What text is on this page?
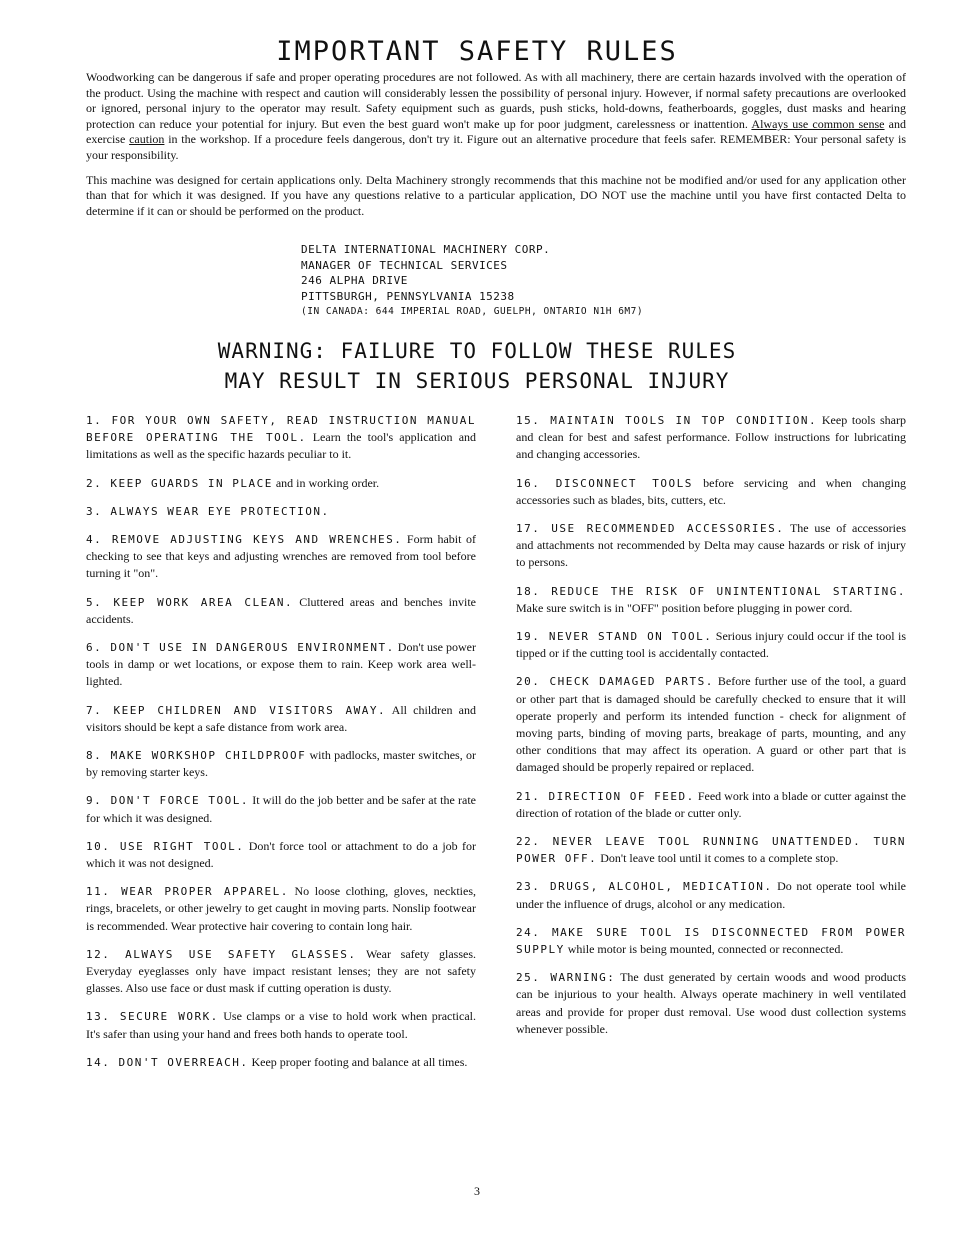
IMPORTANT SAFETY RULES

Woodworking can be dangerous if safe and proper operating procedures are not followed. As with all machinery, there are certain hazards involved with the operation of the product. Using the machine with respect and caution will considerably lessen the possibility of personal injury. However, if normal safety precautions are overlooked or ignored, personal injury to the operator may result. Safety equipment such as guards, push sticks, hold-downs, featherboards, goggles, dust masks and hearing protection can reduce your potential for injury. But even the best guard won't make up for poor judgment, carelessness or inattention. Always use common sense and exercise caution in the workshop. If a procedure feels dangerous, don't try it. Figure out an alternative procedure that feels safer. REMEMBER: Your personal safety is your responsibility.

This machine was designed for certain applications only. Delta Machinery strongly recommends that this machine not be modified and/or used for any application other than that for which it was designed. If you have any questions relative to a particular application, DO NOT use the machine until you have first contacted Delta to determine if it can or should be performed on the product.

DELTA INTERNATIONAL MACHINERY CORP.
MANAGER OF TECHNICAL SERVICES
246 ALPHA DRIVE
PITTSBURGH, PENNSYLVANIA 15238
(IN CANADA: 644 IMPERIAL ROAD, GUELPH, ONTARIO N1H 6M7)
WARNING: FAILURE TO FOLLOW THESE RULES
MAY RESULT IN SERIOUS PERSONAL INJURY
1. FOR YOUR OWN SAFETY, READ INSTRUCTION MANUAL BEFORE OPERATING THE TOOL. Learn the tool's application and limitations as well as the specific hazards peculiar to it.
2. KEEP GUARDS IN PLACE and in working order.
3. ALWAYS WEAR EYE PROTECTION.
4. REMOVE ADJUSTING KEYS AND WRENCHES. Form habit of checking to see that keys and adjusting wrenches are removed from tool before turning it "on".
5. KEEP WORK AREA CLEAN. Cluttered areas and benches invite accidents.
6. DON'T USE IN DANGEROUS ENVIRONMENT. Don't use power tools in damp or wet locations, or expose them to rain. Keep work area well-lighted.
7. KEEP CHILDREN AND VISITORS AWAY. All children and visitors should be kept a safe distance from work area.
8. MAKE WORKSHOP CHILDPROOF with padlocks, master switches, or by removing starter keys.
9. DON'T FORCE TOOL. It will do the job better and be safer at the rate for which it was designed.
10. USE RIGHT TOOL. Don't force tool or attachment to do a job for which it was not designed.
11. WEAR PROPER APPAREL. No loose clothing, gloves, neckties, rings, bracelets, or other jewelry to get caught in moving parts. Nonslip footwear is recommended. Wear protective hair covering to contain long hair.
12. ALWAYS USE SAFETY GLASSES. Wear safety glasses. Everyday eyeglasses only have impact resistant lenses; they are not safety glasses. Also use face or dust mask if cutting operation is dusty.
13. SECURE WORK. Use clamps or a vise to hold work when practical. It's safer than using your hand and frees both hands to operate tool.
14. DON'T OVERREACH. Keep proper footing and balance at all times.
15. MAINTAIN TOOLS IN TOP CONDITION. Keep tools sharp and clean for best and safest performance. Follow instructions for lubricating and changing accessories.
16. DISCONNECT TOOLS before servicing and when changing accessories such as blades, bits, cutters, etc.
17. USE RECOMMENDED ACCESSORIES. The use of accessories and attachments not recommended by Delta may cause hazards or risk of injury to persons.
18. REDUCE THE RISK OF UNINTENTIONAL STARTING. Make sure switch is in "OFF" position before plugging in power cord.
19. NEVER STAND ON TOOL. Serious injury could occur if the tool is tipped or if the cutting tool is accidentally contacted.
20. CHECK DAMAGED PARTS. Before further use of the tool, a guard or other part that is damaged should be carefully checked to ensure that it will operate properly and perform its intended function - check for alignment of moving parts, binding of moving parts, breakage of parts, mounting, and any other conditions that may affect its operation. A guard or other part that is damaged should be properly repaired or replaced.
21. DIRECTION OF FEED. Feed work into a blade or cutter against the direction of rotation of the blade or cutter only.
22. NEVER LEAVE TOOL RUNNING UNATTENDED. TURN POWER OFF. Don't leave tool until it comes to a complete stop.
23. DRUGS, ALCOHOL, MEDICATION. Do not operate tool while under the influence of drugs, alcohol or any medication.
24. MAKE SURE TOOL IS DISCONNECTED FROM POWER SUPPLY while motor is being mounted, connected or reconnected.
25. WARNING: The dust generated by certain woods and wood products can be injurious to your health. Always operate machinery in well ventilated areas and provide for proper dust removal. Use wood dust collection systems whenever possible.
3
